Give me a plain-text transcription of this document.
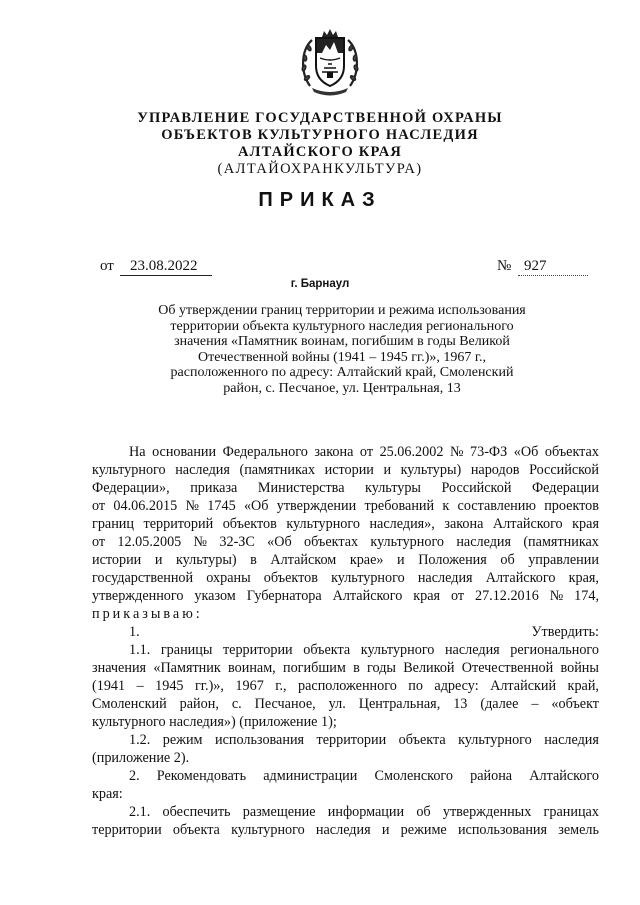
УПРАВЛЕНИЕ ГОСУДАРСТВЕННОЙ ОХРАНЫ
ОБЪЕКТОВ КУЛЬТУРНОГО НАСЛЕДИЯ
АЛТАЙСКОГО КРАЯ
(АЛТАЙОХРАНКУЛЬТУРА)
ПРИКАЗ
от	23.08.2022	№ 927
г. Барнаул
Об утверждении границ территории и режима использования
территории объекта культурного наследия регионального
значения «Памятник воинам, погибшим в годы Великой
Отечественной войны (1941 – 1945 гг.)», 1967 г.,
расположенного по адресу: Алтайский край, Смоленский
район, с. Песчаное, ул. Центральная, 13
На основании Федерального закона от 25.06.2002 № 73-ФЗ «Об объектах
культурного наследия (памятниках истории и культуры) народов Российской
Федерации», приказа Министерства культуры Российской Федерации
от 04.06.2015 № 1745 «Об утверждении требований к составлению проектов
границ территорий объектов культурного наследия», закона Алтайского края
от 12.05.2005 № 32-ЗС «Об объектах культурного наследия (памятниках
истории и культуры) в Алтайском крае» и Положения об управлении
государственной охраны объектов культурного наследия Алтайского края,
утвержденного указом Губернатора Алтайского края от 27.12.2016 № 174,
приказываю:
1.	Утвердить:
1.1. границы территории объекта культурного наследия регионального
значения «Памятник воинам, погибшим в годы Великой Отечественной войны
(1941 – 1945 гг.)», 1967 г., расположенного по адресу: Алтайский край,
Смоленский район, с. Песчаное, ул. Центральная, 13 (далее – «объект
культурного наследия») (приложение 1);
1.2. режим использования территории объекта культурного наследия
(приложение 2).
2. Рекомендовать администрации Смоленского района Алтайского
края:
2.1. обеспечить размещение информации об утвержденных границах
территории объекта культурного наследия и режиме использования земель
